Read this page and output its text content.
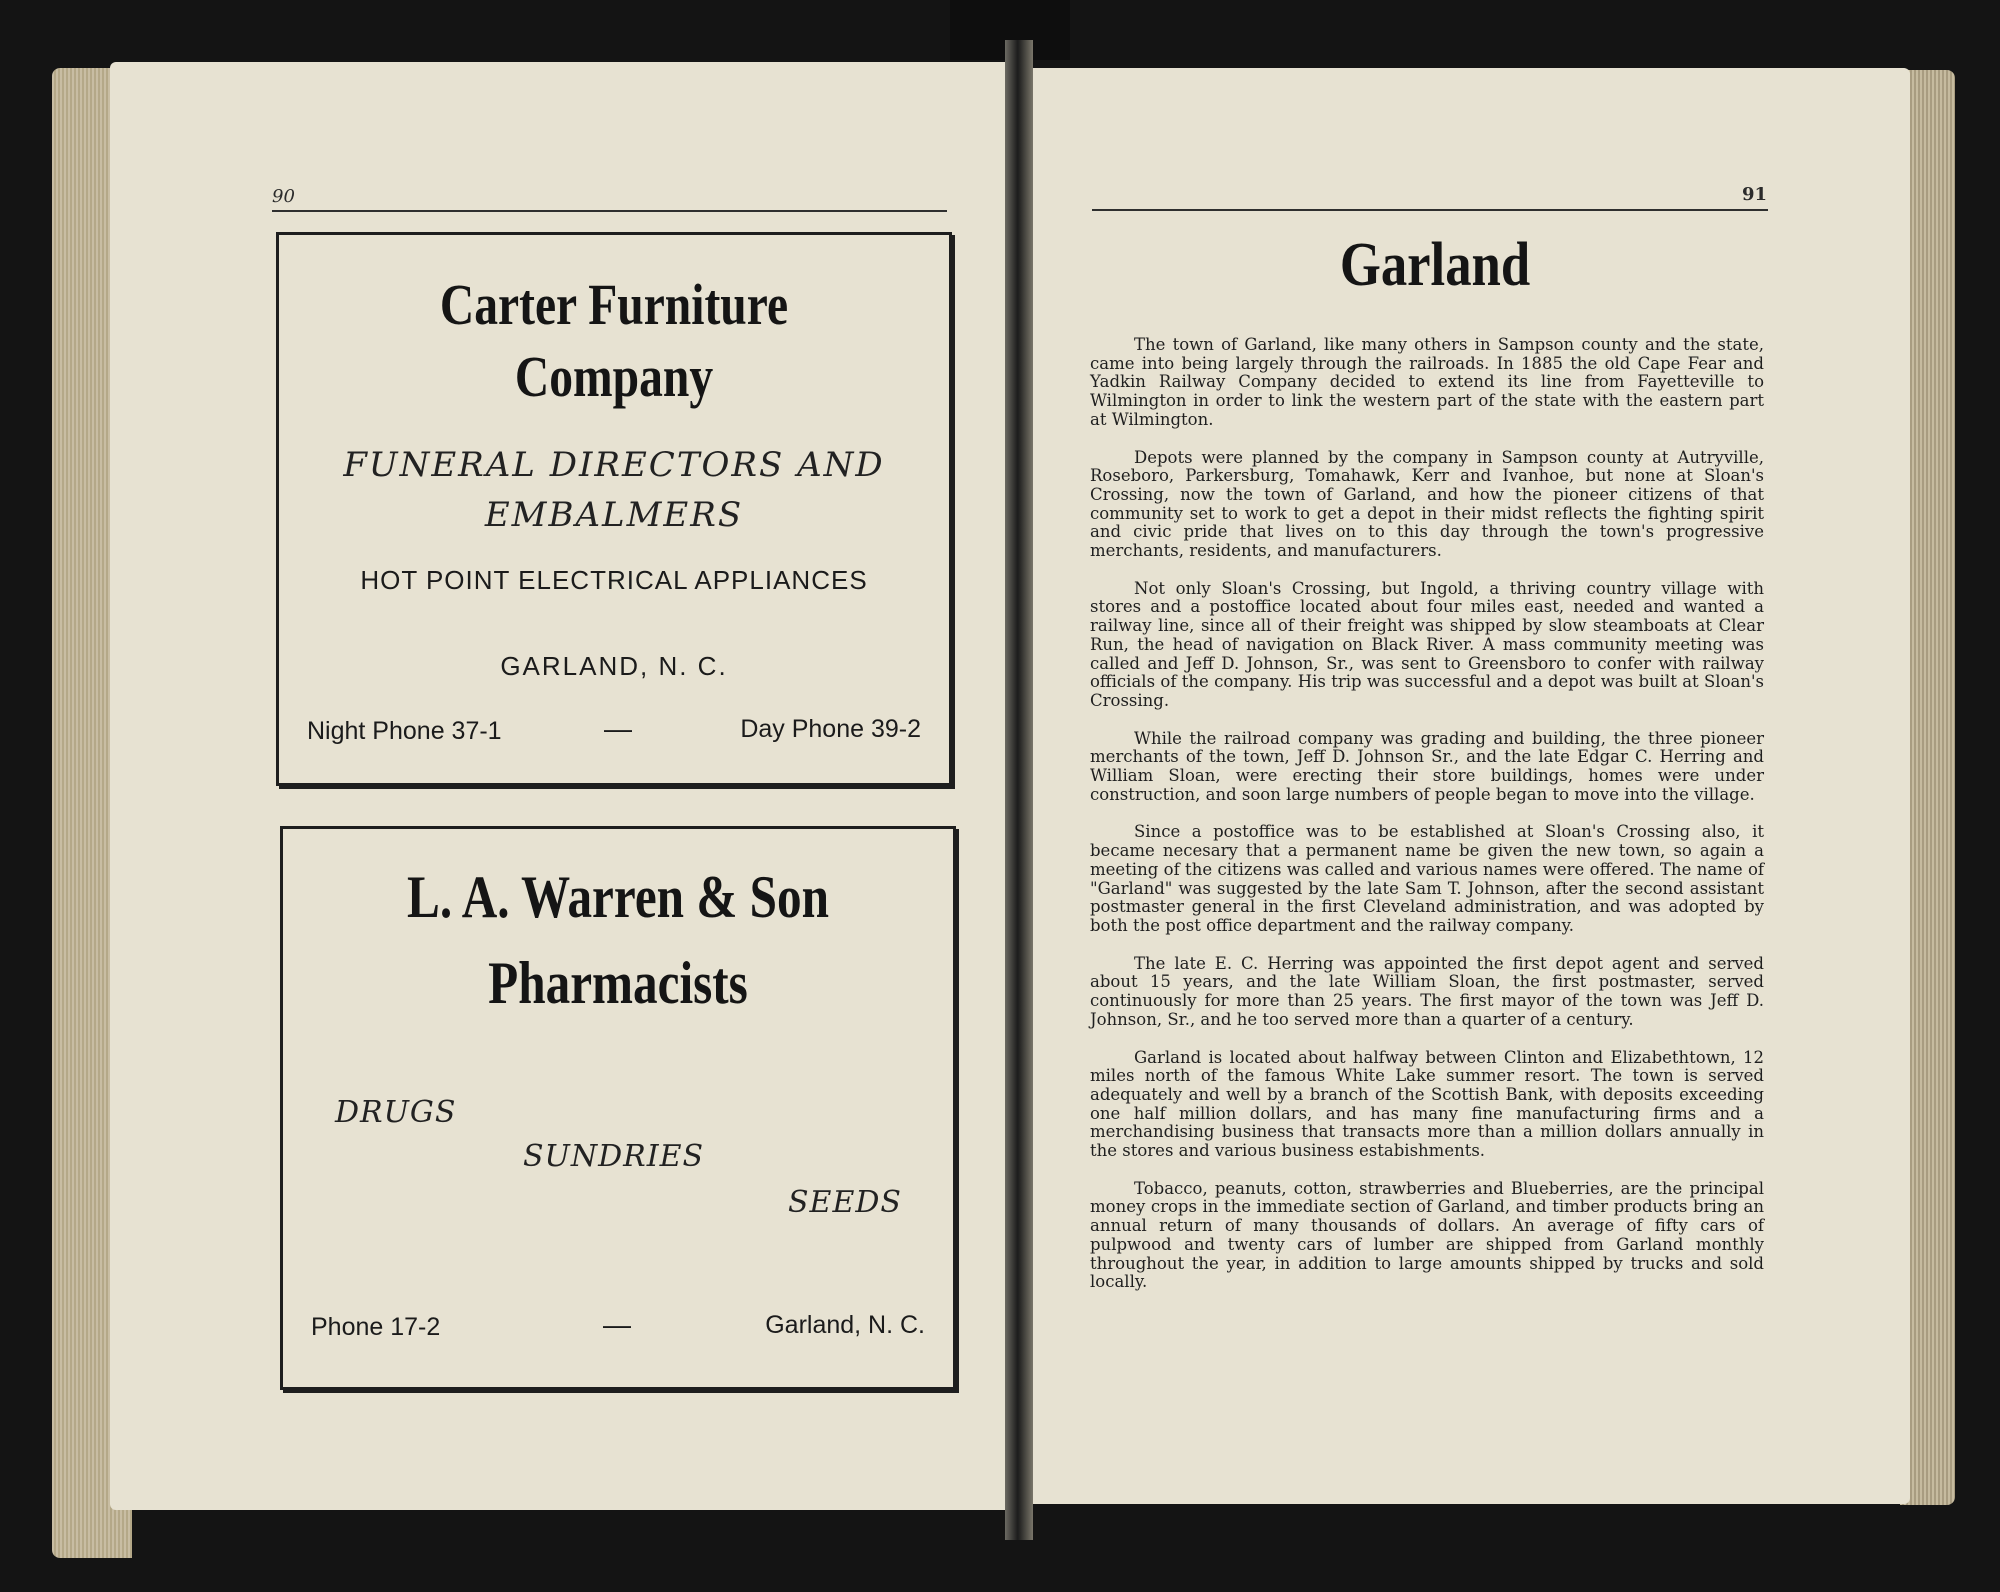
90
Carter Furniture
Company
FUNERAL DIRECTORS AND
EMBALMERS
HOT POINT ELECTRICAL APPLIANCES
GARLAND, N. C.
Night Phone 37-1	—	Day Phone 39-2
L. A. Warren & Son
Pharmacists
DRUGS
SUNDRIES
SEEDS
Phone 17-2	—	Garland, N. C.
91
Garland

The town of Garland, like many others in Sampson county and the state, came into being largely through the railroads. In 1885 the old Cape Fear and Yadkin Railway Company decided to extend its line from Fayetteville to Wilmington in order to link the western part of the state with the eastern part at Wilmington.

Depots were planned by the company in Sampson county at Autryville, Roseboro, Parkersburg, Tomahawk, Kerr and Ivanhoe, but none at Sloan's Crossing, now the town of Garland, and how the pioneer citizens of that community set to work to get a depot in their midst reflects the fighting spirit and civic pride that lives on to this day through the town's progressive merchants, residents, and manufacturers.

Not only Sloan's Crossing, but Ingold, a thriving country village with stores and a postoffice located about four miles east, needed and wanted a railway line, since all of their freight was shipped by slow steamboats at Clear Run, the head of navigation on Black River. A mass community meeting was called and Jeff D. Johnson, Sr., was sent to Greensboro to confer with railway officials of the company. His trip was successful and a depot was built at Sloan's Crossing.

While the railroad company was grading and building, the three pioneer merchants of the town, Jeff D. Johnson Sr., and the late Edgar C. Herring and William Sloan, were erecting their store buildings, homes were under construction, and soon large numbers of people began to move into the village.

Since a postoffice was to be established at Sloan's Crossing also, it became necesary that a permanent name be given the new town, so again a meeting of the citizens was called and various names were offered. The name of "Garland" was suggested by the late Sam T. Johnson, after the second assistant postmaster general in the first Cleveland administration, and was adopted by both the post office department and the railway company.

The late E. C. Herring was appointed the first depot agent and served about 15 years, and the late William Sloan, the first postmaster, served continuously for more than 25 years. The first mayor of the town was Jeff D. Johnson, Sr., and he too served more than a quarter of a century.

Garland is located about halfway between Clinton and Elizabethtown, 12 miles north of the famous White Lake summer resort. The town is served adequately and well by a branch of the Scottish Bank, with deposits exceeding one half million dollars, and has many fine manufacturing firms and a merchandising business that transacts more than a million dollars annually in the stores and various business estabishments.

Tobacco, peanuts, cotton, strawberries and Blueberries, are the principal money crops in the immediate section of Garland, and timber products bring an annual return of many thousands of dollars. An average of fifty cars of pulpwood and twenty cars of lumber are shipped from Garland monthly throughout the year, in addition to large amounts shipped by trucks and sold locally.
